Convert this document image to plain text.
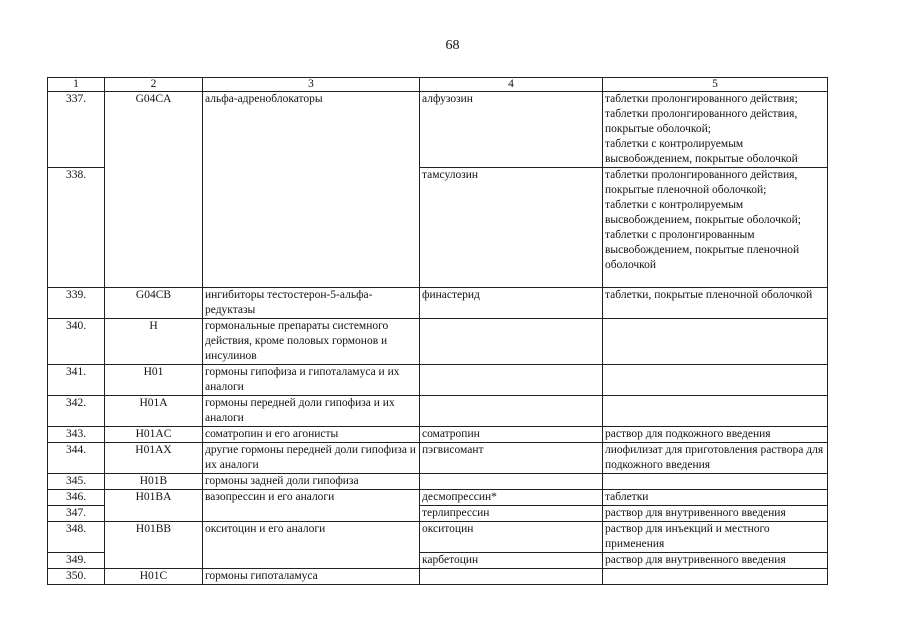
68
1	2	3	4	5
337.	G04CA	альфа-адреноблокаторы	алфузозин	таблетки пролонгированного действия;
таблетки пролонгированного действия, покрытые оболочкой;
таблетки с контролируемым высвобождением, покрытые оболочкой
338.			тамсулозин	таблетки пролонгированного действия, покрытые пленочной оболочкой;
таблетки с контролируемым высвобождением, покрытые оболочкой;
таблетки с пролонгированным высвобождением, покрытые пленочной оболочкой
339.	G04CB	ингибиторы тестостерон-5-альфа-редуктазы	финастерид	таблетки, покрытые пленочной оболочкой
340.	H	гормональные препараты системного действия, кроме половых гормонов и инсулинов		
341.	H01	гормоны гипофиза и гипоталамуса и их аналоги		
342.	H01A	гормоны передней доли гипофиза и их аналоги		
343.	H01AC	соматропин и его агонисты	соматропин	раствор для подкожного введения
344.	H01AX	другие гормоны передней доли гипофиза и их аналоги	пэгвисомант	лиофилизат для приготовления раствора для подкожного введения
345.	H01B	гормоны задней доли гипофиза		
346.	H01BA	вазопрессин и его аналоги	десмопрессин*	таблетки
347.			терлипрессин	раствор для внутривенного введения
348.	H01BB	окситоцин и его аналоги	окситоцин	раствор для инъекций и местного применения
349.			карбетоцин	раствор для внутривенного введения
350.	H01C	гормоны гипоталамуса		
